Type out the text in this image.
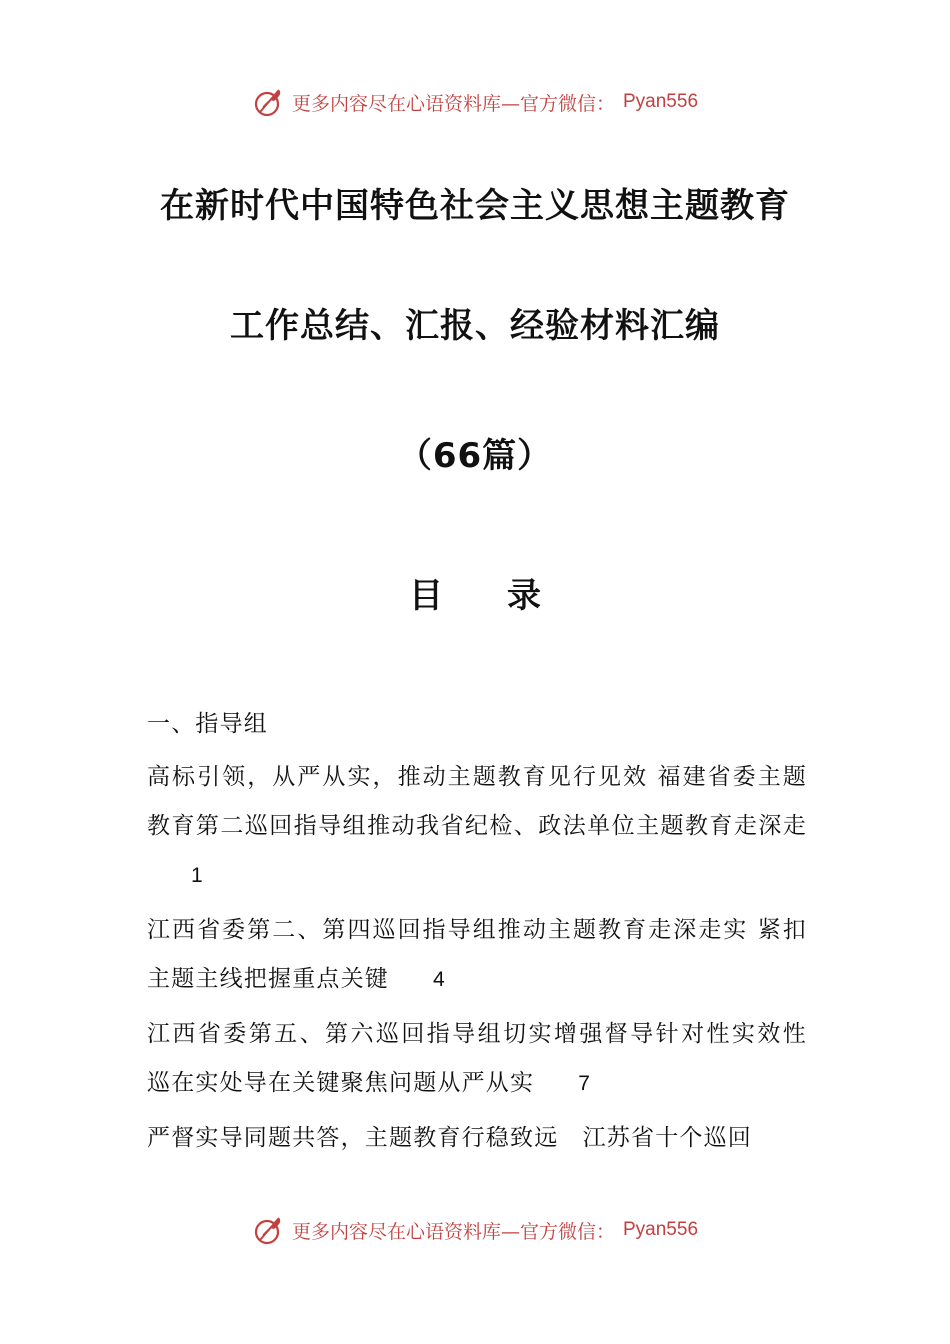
更多内容尽在心语资料库—官方微信： Pyan556
在新时代中国特色社会主义思想主题教育
工作总结、汇报、经验材料汇编
（66篇）
目录
一、指导组
高标引领，从严从实，推动主题教育见行见效 福建省委主题教育第二巡回指导组推动我省纪检、政法单位主题教育走深走1
江西省委第二、第四巡回指导组推动主题教育走深走实 紧扣主题主线把握重点关键 4
江西省委第五、第六巡回指导组切实增强督导针对性实效性　巡在实处导在关键聚焦问题从严从实 7
严督实导同题共答，主题教育行稳致远　江苏省十个巡回
更多内容尽在心语资料库—官方微信： Pyan556
